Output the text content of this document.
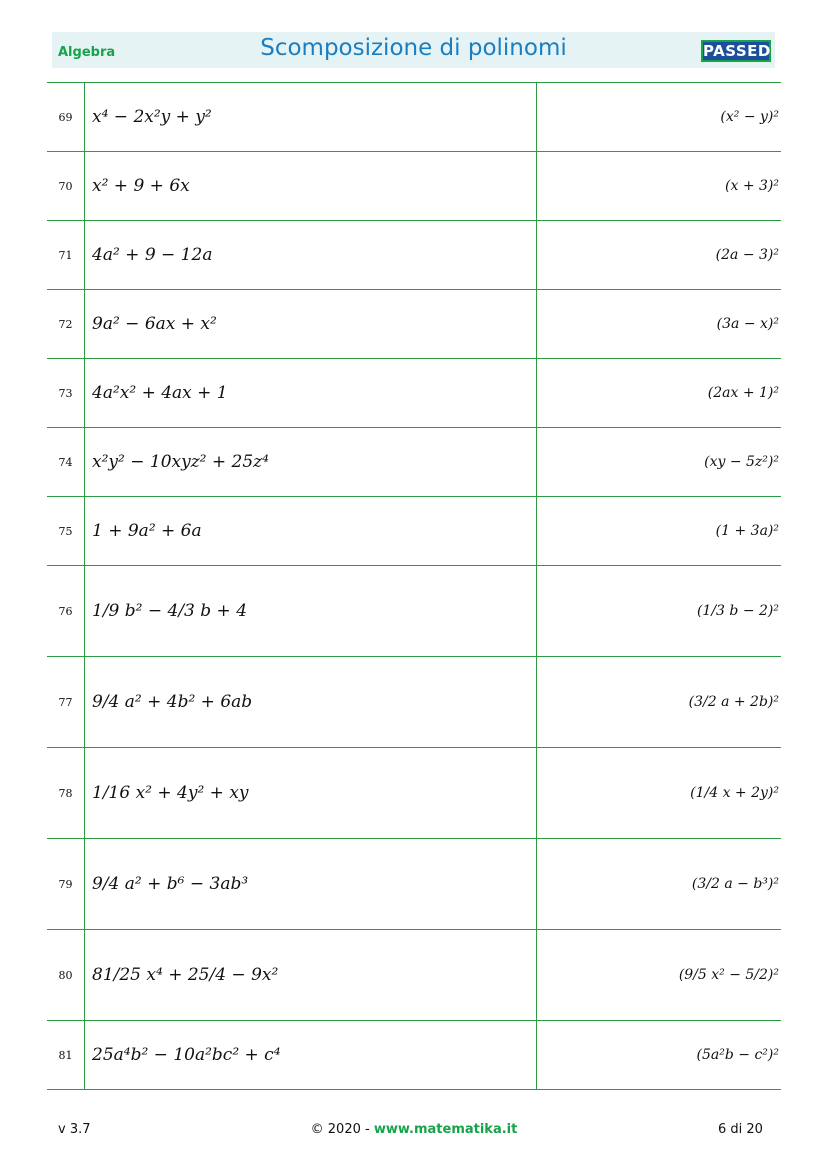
Algebra	Scomposizione di polinomi	PASSED
69	x⁴ − 2x²y + y²	(x² − y)²
70	x² + 9 + 6x	(x + 3)²
71	4a² + 9 − 12a	(2a − 3)²
72	9a² − 6ax + x²	(3a − x)²
73	4a²x² + 4ax + 1	(2ax + 1)²
74	x²y² − 10xyz² + 25z⁴	(xy − 5z²)²
75	1 + 9a² + 6a	(1 + 3a)²
76	1/9 b² − 4/3 b + 4	(1/3 b − 2)²
77	9/4 a² + 4b² + 6ab	(3/2 a + 2b)²
78	1/16 x² + 4y² + xy	(1/4 x + 2y)²
79	9/4 a² + b⁶ − 3ab³	(3/2 a − b³)²
80	81/25 x⁴ + 25/4 − 9x²	(9/5 x² − 5/2)²
81	25a⁴b² − 10a²bc² + c⁴	(5a²b − c²)²
v 3.7	© 2020 - www.matematika.it	6 di 20
